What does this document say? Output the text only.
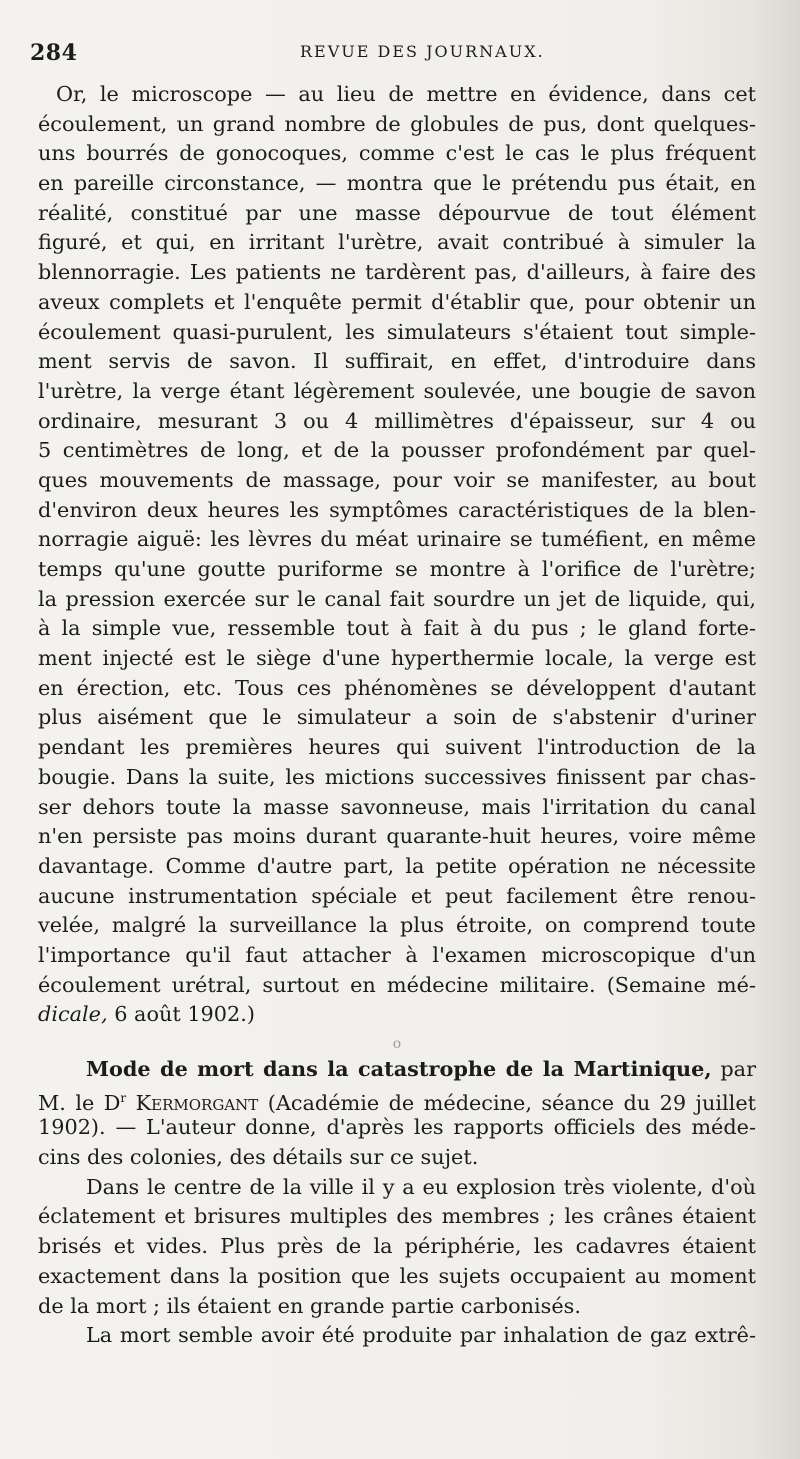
284	REVUE DES JOURNAUX.
Or, le microscope — au lieu de mettre en évidence, dans cet
écoulement, un grand nombre de globules de pus, dont quelques-
uns bourrés de gonocoques, comme c'est le cas le plus fréquent
en pareille circonstance, — montra que le prétendu pus était, en
réalité, constitué par une masse dépourvue de tout élément
figuré, et qui, en irritant l'urètre, avait contribué à simuler la
blennorragie. Les patients ne tardèrent pas, d'ailleurs, à faire des
aveux complets et l'enquête permit d'établir que, pour obtenir un
écoulement quasi-purulent, les simulateurs s'étaient tout simple-
ment servis de savon. Il suffirait, en effet, d'introduire dans
l'urètre, la verge étant légèrement soulevée, une bougie de savon
ordinaire, mesurant 3 ou 4 millimètres d'épaisseur, sur 4 ou
5 centimètres de long, et de la pousser profondément par quel-
ques mouvements de massage, pour voir se manifester, au bout
d'environ deux heures les symptômes caractéristiques de la blen-
norragie aiguë: les lèvres du méat urinaire se tuméfient, en même
temps qu'une goutte puriforme se montre à l'orifice de l'urètre;
la pression exercée sur le canal fait sourdre un jet de liquide, qui,
à la simple vue, ressemble tout à fait à du pus ; le gland forte-
ment injecté est le siège d'une hyperthermie locale, la verge est
en érection, etc. Tous ces phénomènes se développent d'autant
plus aisément que le simulateur a soin de s'abstenir d'uriner
pendant les premières heures qui suivent l'introduction de la
bougie. Dans la suite, les mictions successives finissent par chas-
ser dehors toute la masse savonneuse, mais l'irritation du canal
n'en persiste pas moins durant quarante-huit heures, voire même
davantage. Comme d'autre part, la petite opération ne nécessite
aucune instrumentation spéciale et peut facilement être renou-
velée, malgré la surveillance la plus étroite, on comprend toute
l'importance qu'il faut attacher à l'examen microscopique d'un
écoulement urétral, surtout en médecine militaire. (Semaine mé-
dicale, 6 août 1902.)
o
Mode de mort dans la catastrophe de la Martinique, par
M. le $D^r$ Kermorgant (Académie de médecine, séance du 29 juillet
1902). — L'auteur donne, d'après les rapports officiels des méde-
cins des colonies, des détails sur ce sujet.
Dans le centre de la ville il y a eu explosion très violente, d'où
éclatement et brisures multiples des membres ; les crânes étaient
brisés et vides. Plus près de la périphérie, les cadavres étaient
exactement dans la position que les sujets occupaient au moment
de la mort ; ils étaient en grande partie carbonisés.
La mort semble avoir été produite par inhalation de gaz extrê-
